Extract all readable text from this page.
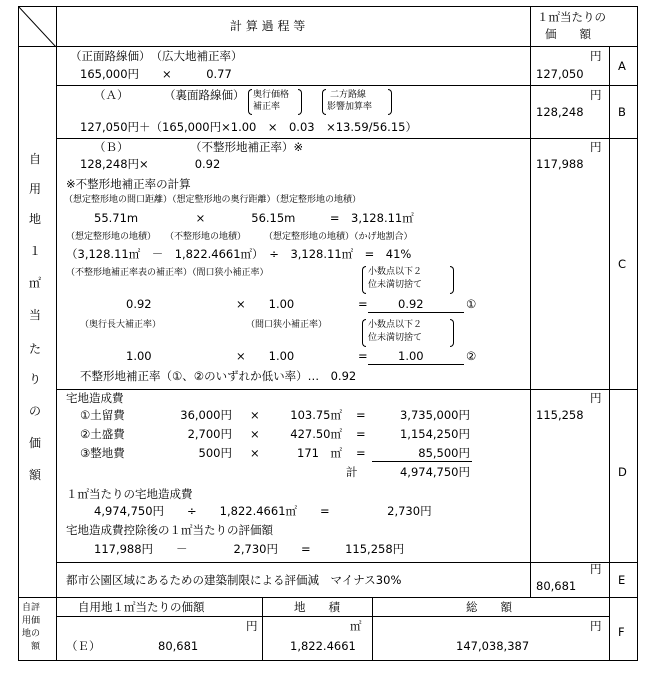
計 算 過 程 等
１㎡当たりの
価　　額
自
用
地
１
㎡
当
た
り
の
価
額
（正面路線価）　（広大地補正率）
165,000円　　×　　　0.77
円
127,050
A
（Ａ）	（裏面路線価） 奥行価格
補正率
二方路線
影響加算率
127,050円＋（165,000円×1.00　×　0.03　×13.59/56.15）
円
128,248	B
（Ｂ）	（不整形地補正率）※
128,248円×　　　　0.92
※不整形地補正率の計算
（想定整形地の間口距離）（想定整形地の奥行距離）（想定整形地の地積）
55.71m　　　　　×　　　　56.15m　　　=　3,128.11㎡
（想定整形地の地積）　　（不整形地の地積）　　　（想定整形地の地積）（かげ地割合）
（3,128.11㎡　－　1,822.4661㎡）　÷　3,128.11㎡　=　41%
（不整形地補正率表の補正率）（間口狭小補正率）	小数点以下２
位未満切捨て
0.92	×　　1.00	=	0.92	①
（奥行長大補正率）	（間口狭小補正率）	小数点以下２
位未満切捨て
1.00	×　　1.00	=	1.00	②
不整形地補正率（①、②のいずれか低い率）…　0.92
円
117,988
C
宅地造成費
①土留費	36,000円 ×	103.75㎡ =	3,735,000円
②土盛費	2,700円 ×	427.50㎡ =	1,154,250円
③整地費	500円 ×	171　㎡ =	85,500円
計	4,974,750円
１㎡当たりの宅地造成費
4,974,750円　　÷　　1,822.4661㎡　　=　　　　　2,730円
宅地造成費控除後の１㎡当たりの評価額
117,988円　　－　　　　2,730円　　=　　　115,258円
円
115,258
D
都市公園区域にあるための建築制限による評価減　マイナス30%
円
80,681	E
自評
用価
地の
　額
自用地１㎡当たりの価額	地　　積	総　　額
円	㎡	円
（Ｅ）	80,681	1,822.4661	147,038,387
F
